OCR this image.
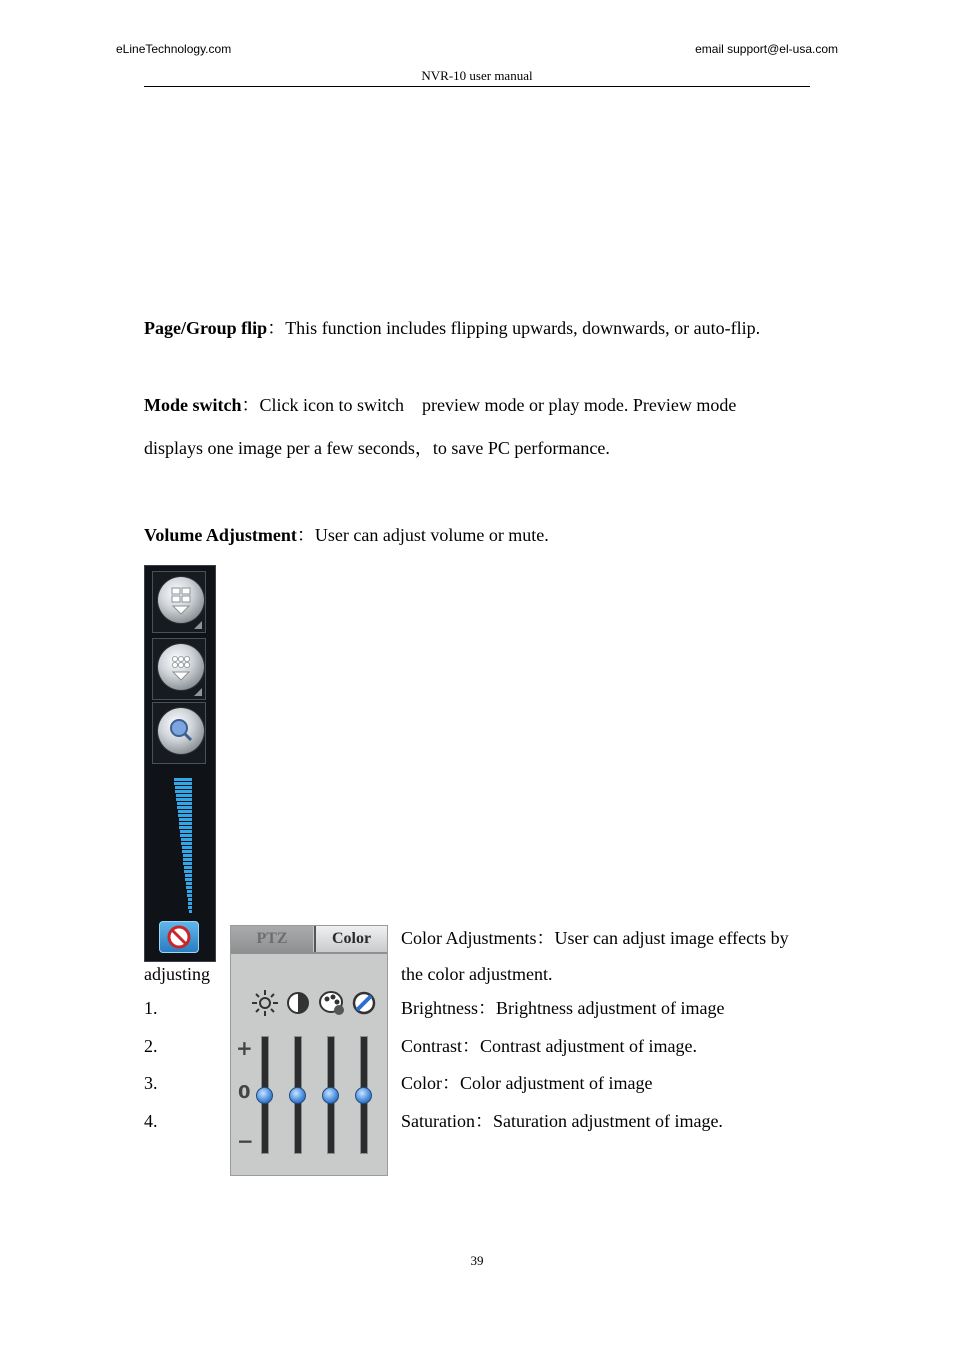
eLineTechnology.com	email support@el-usa.com
NVR-10 user manual
Page/Group flip：This function includes flipping upwards, downwards, or auto-flip.
Mode switch：Click icon to switch    preview mode or play mode. Preview mode
displays one image per a few seconds，to save PC performance.
Volume Adjustment：User can adjust volume or mute.
PTZ	Color
+
0
−
Color Adjustments：User can adjust image effects by
adjusting	the color adjustment.
1.	Brightness：Brightness adjustment of image
2.	Contrast：Contrast adjustment of image.
3.	Color：Color adjustment of image
4.	Saturation：Saturation adjustment of image.
39
